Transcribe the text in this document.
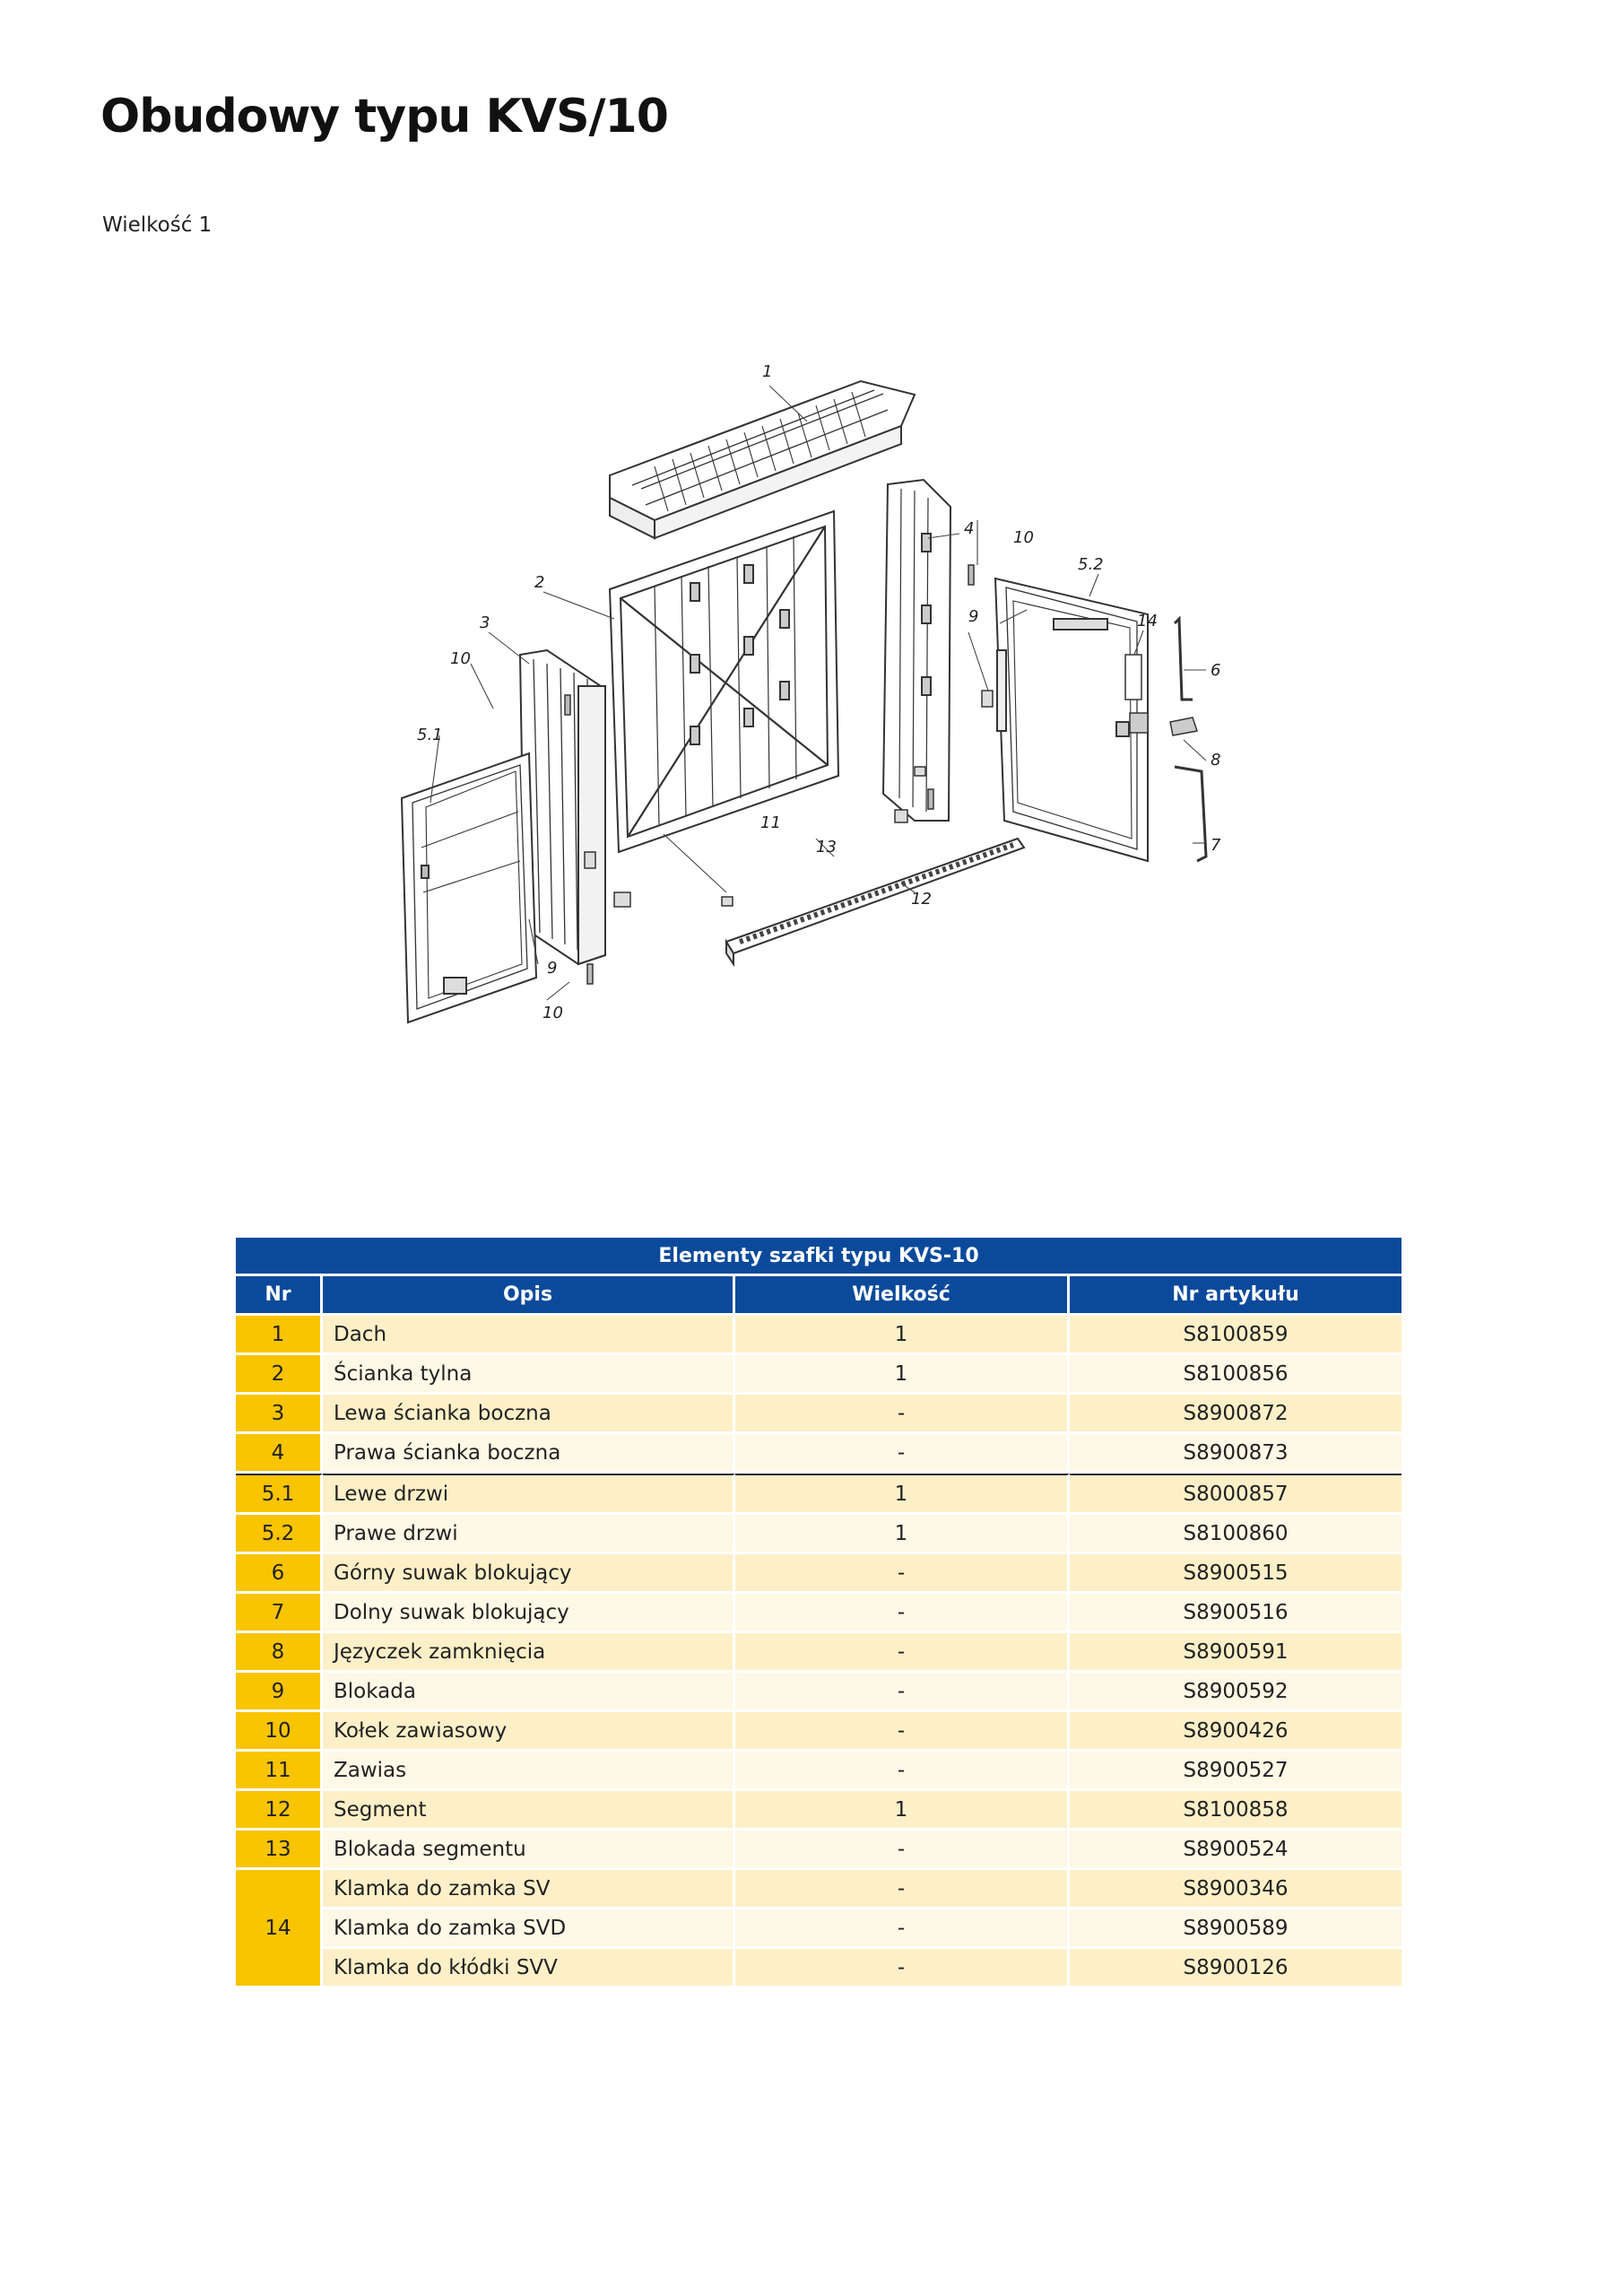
Obudowy typu KVS/10
Wielkość 1
1
2
3
4
5.1
5.2
6
7
8
9
9
10
10
10
11
12
13
14
Elementy szafki typu KVS-10			
Nr	Opis	Wielkość	Nr artykułu
1	Dach	1	S8100859
2	Ścianka tylna	1	S8100856
3	Lewa ścianka boczna	-	S8900872
4	Prawa ścianka boczna	-	S8900873
5.1	Lewe drzwi	1	S8000857
5.2	Prawe drzwi	1	S8100860
6	Górny suwak blokujący	-	S8900515
7	Dolny suwak blokujący	-	S8900516
8	Języczek zamknięcia	-	S8900591
9	Blokada	-	S8900592
10	Kołek zawiasowy	-	S8900426
11	Zawias	-	S8900527
12	Segment	1	S8100858
13	Blokada segmentu	-	S8900524
14	Klamka do zamka SV	-	S8900346
	Klamka do zamka SVD	-	S8900589
	Klamka do kłódki SVV	-	S8900126
